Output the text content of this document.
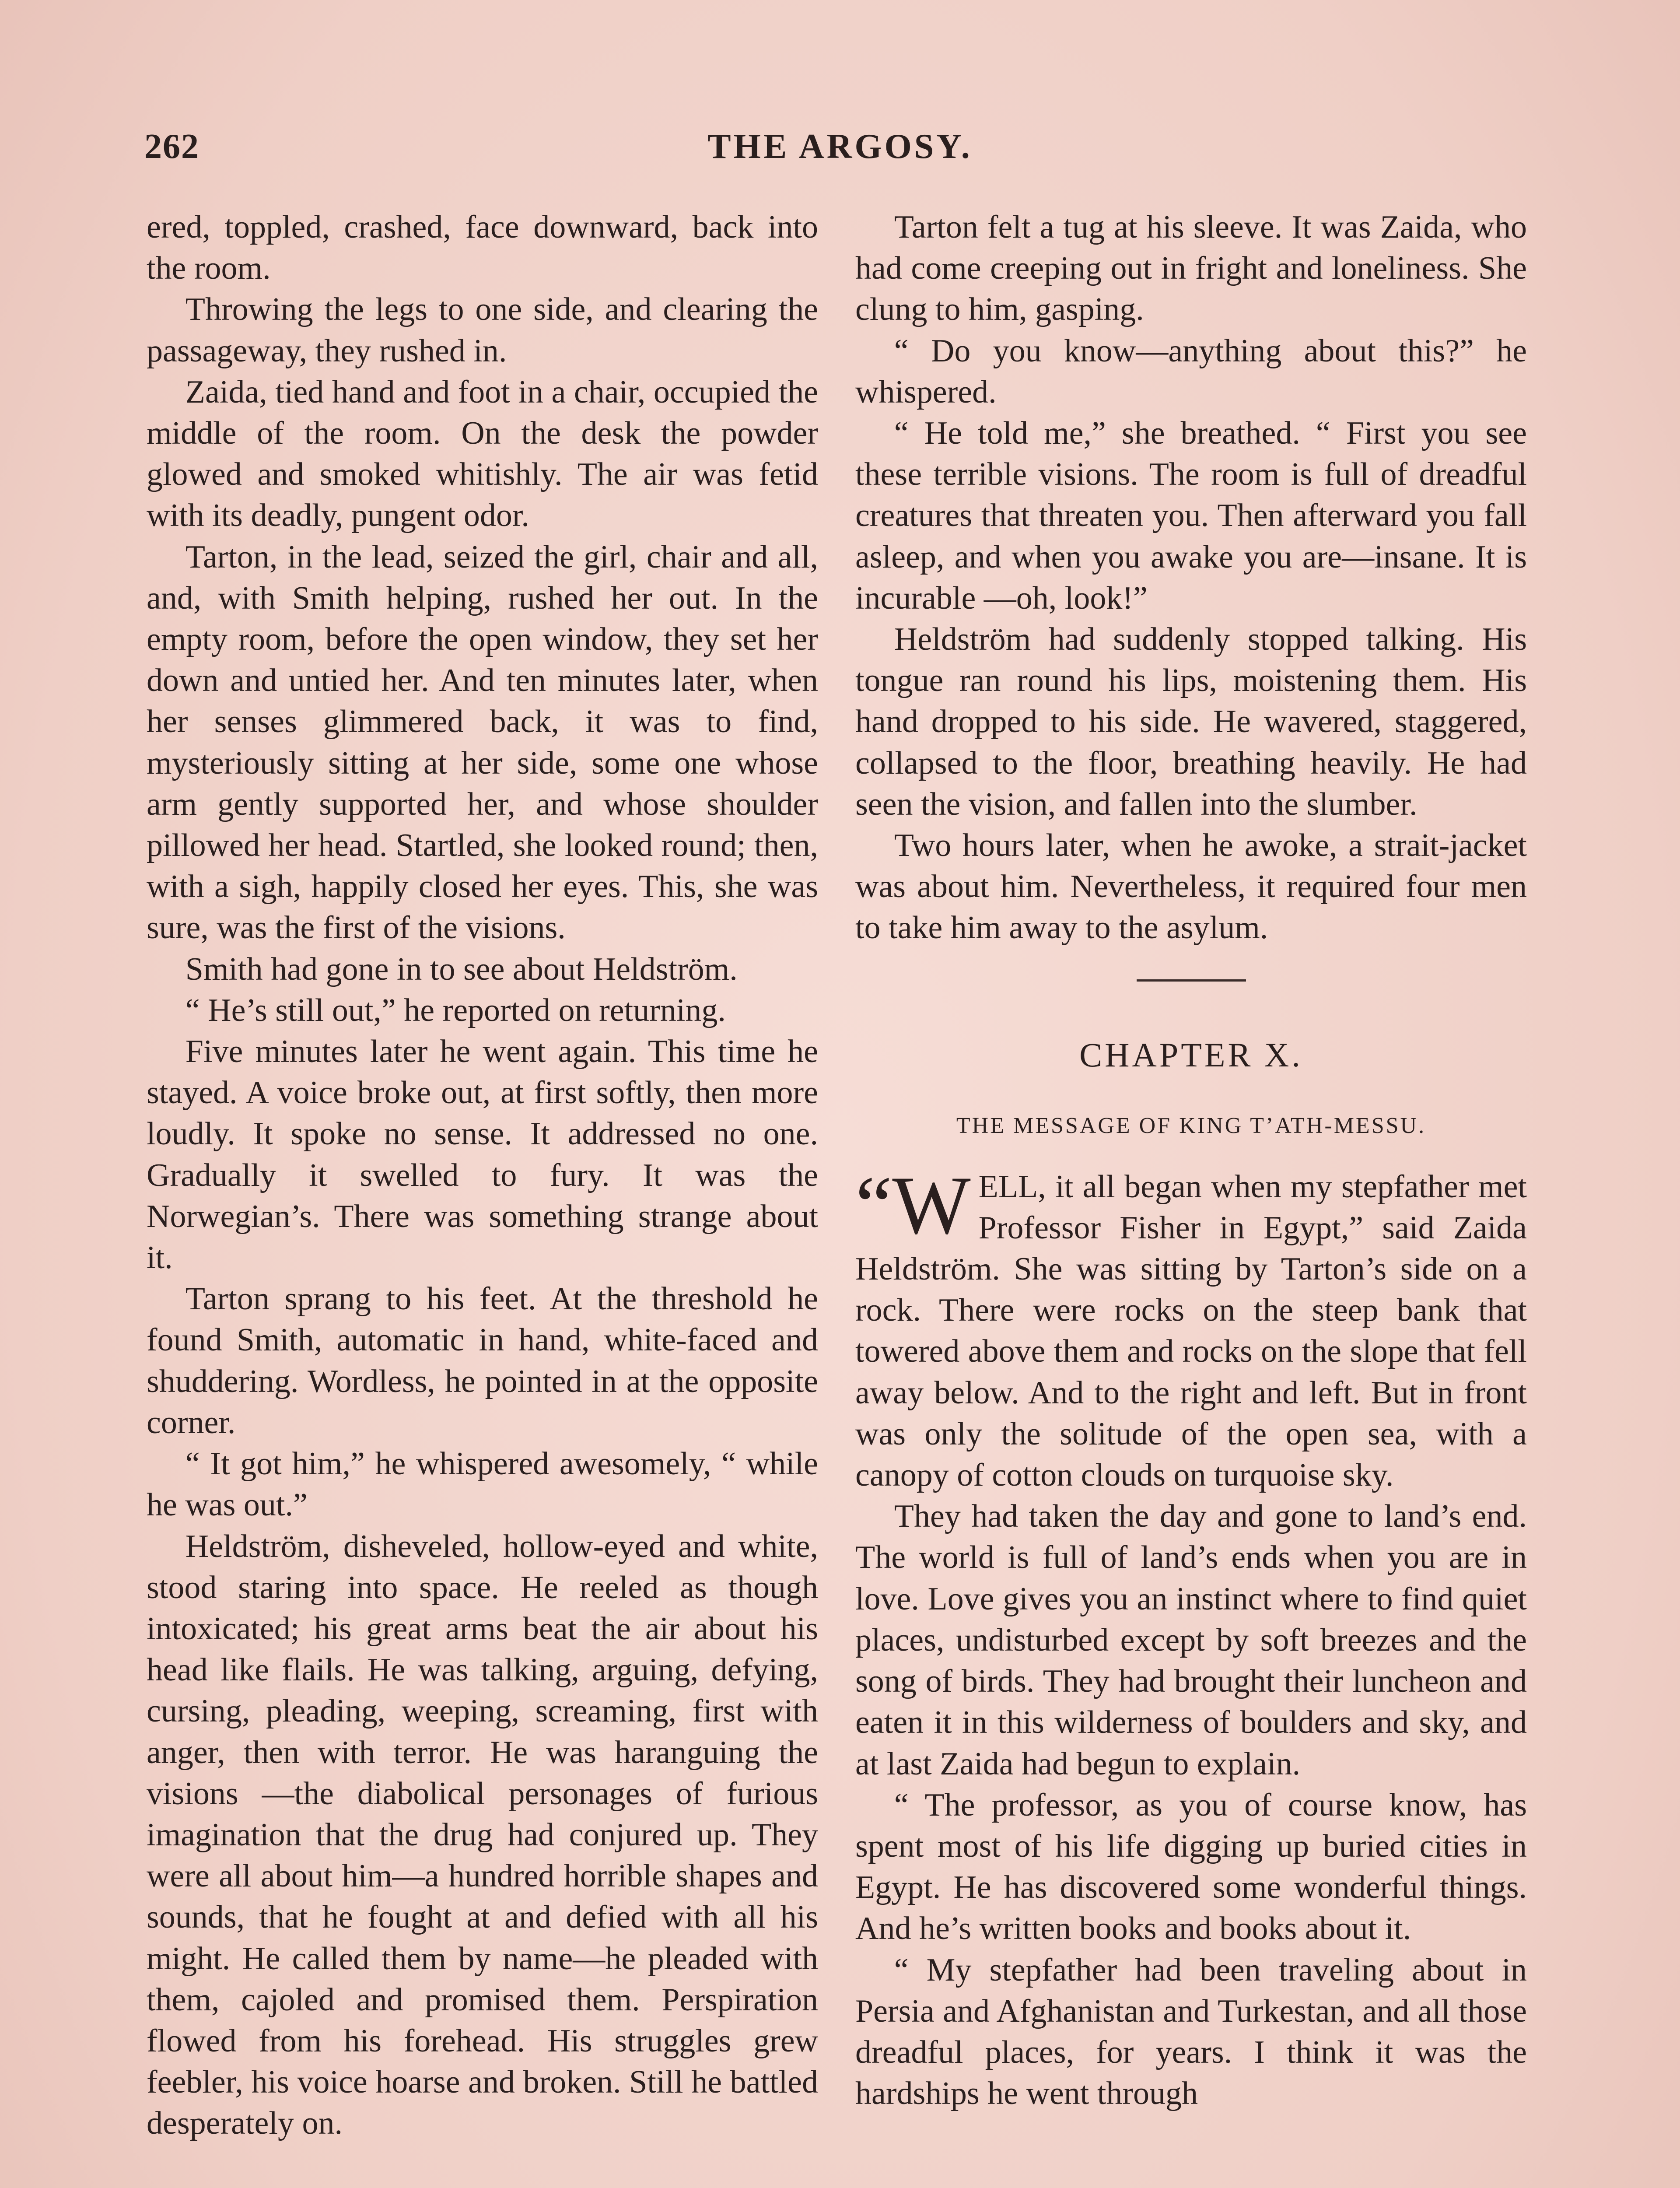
262	THE ARGOSY.

ered, toppled, crashed, face downward, back into the room.

Throwing the legs to one side, and clearing the passageway, they rushed in.

Zaida, tied hand and foot in a chair, occupied the middle of the room. On the desk the powder glowed and smoked whitishly. The air was fetid with its deadly, pungent odor.

Tarton, in the lead, seized the girl, chair and all, and, with Smith helping, rushed her out. In the empty room, before the open window, they set her down and untied her. And ten minutes later, when her senses glimmered back, it was to find, mysteriously sitting at her side, some one whose arm gently supported her, and whose shoulder pillowed her head. Startled, she looked round; then, with a sigh, happily closed her eyes. This, she was sure, was the first of the visions.

Smith had gone in to see about Heldström.

“ He’s still out,” he reported on returning.

Five minutes later he went again. This time he stayed. A voice broke out, at first softly, then more loudly. It spoke no sense. It addressed no one. Gradually it swelled to fury. It was the Norwegian’s. There was something strange about it.

Tarton sprang to his feet. At the threshold he found Smith, automatic in hand, white-faced and shuddering. Wordless, he pointed in at the opposite corner.

“ It got him,” he whispered awesomely, “ while he was out.”

Heldström, disheveled, hollow-eyed and white, stood staring into space. He reeled as though intoxicated; his great arms beat the air about his head like flails. He was talking, arguing, defying, cursing, pleading, weeping, screaming, first with anger, then with terror. He was haranguing the visions —the diabolical personages of furious imagination that the drug had conjured up. They were all about him—a hundred horrible shapes and sounds, that he fought at and defied with all his might. He called them by name—he pleaded with them, cajoled and promised them. Perspiration flowed from his forehead. His struggles grew feebler, his voice hoarse and broken. Still he battled desperately on.

Tarton felt a tug at his sleeve. It was Zaida, who had come creeping out in fright and loneliness. She clung to him, gasping.

“ Do you know—anything about this?” he whispered.

“ He told me,” she breathed. “ First you see these terrible visions. The room is full of dreadful creatures that threaten you. Then afterward you fall asleep, and when you awake you are—insane. It is incurable —oh, look!”

Heldström had suddenly stopped talking. His tongue ran round his lips, moistening them. His hand dropped to his side. He wavered, staggered, collapsed to the floor, breathing heavily. He had seen the vision, and fallen into the slumber.

Two hours later, when he awoke, a strait-jacket was about him. Nevertheless, it required four men to take him away to the asylum.

CHAPTER X.
THE MESSAGE OF KING T’ATH-MESSU.

“WELL, it all began when my stepfather met Professor Fisher in Egypt,” said Zaida Heldström. She was sitting by Tarton’s side on a rock. There were rocks on the steep bank that towered above them and rocks on the slope that fell away below. And to the right and left. But in front was only the solitude of the open sea, with a canopy of cotton clouds on turquoise sky.

They had taken the day and gone to land’s end. The world is full of land’s ends when you are in love. Love gives you an instinct where to find quiet places, undisturbed except by soft breezes and the song of birds. They had brought their luncheon and eaten it in this wilderness of boulders and sky, and at last Zaida had begun to explain.

“ The professor, as you of course know, has spent most of his life digging up buried cities in Egypt. He has discovered some wonderful things. And he’s written books and books about it.

“ My stepfather had been traveling about in Persia and Afghanistan and Turkestan, and all those dreadful places, for years. I think it was the hardships he went through
